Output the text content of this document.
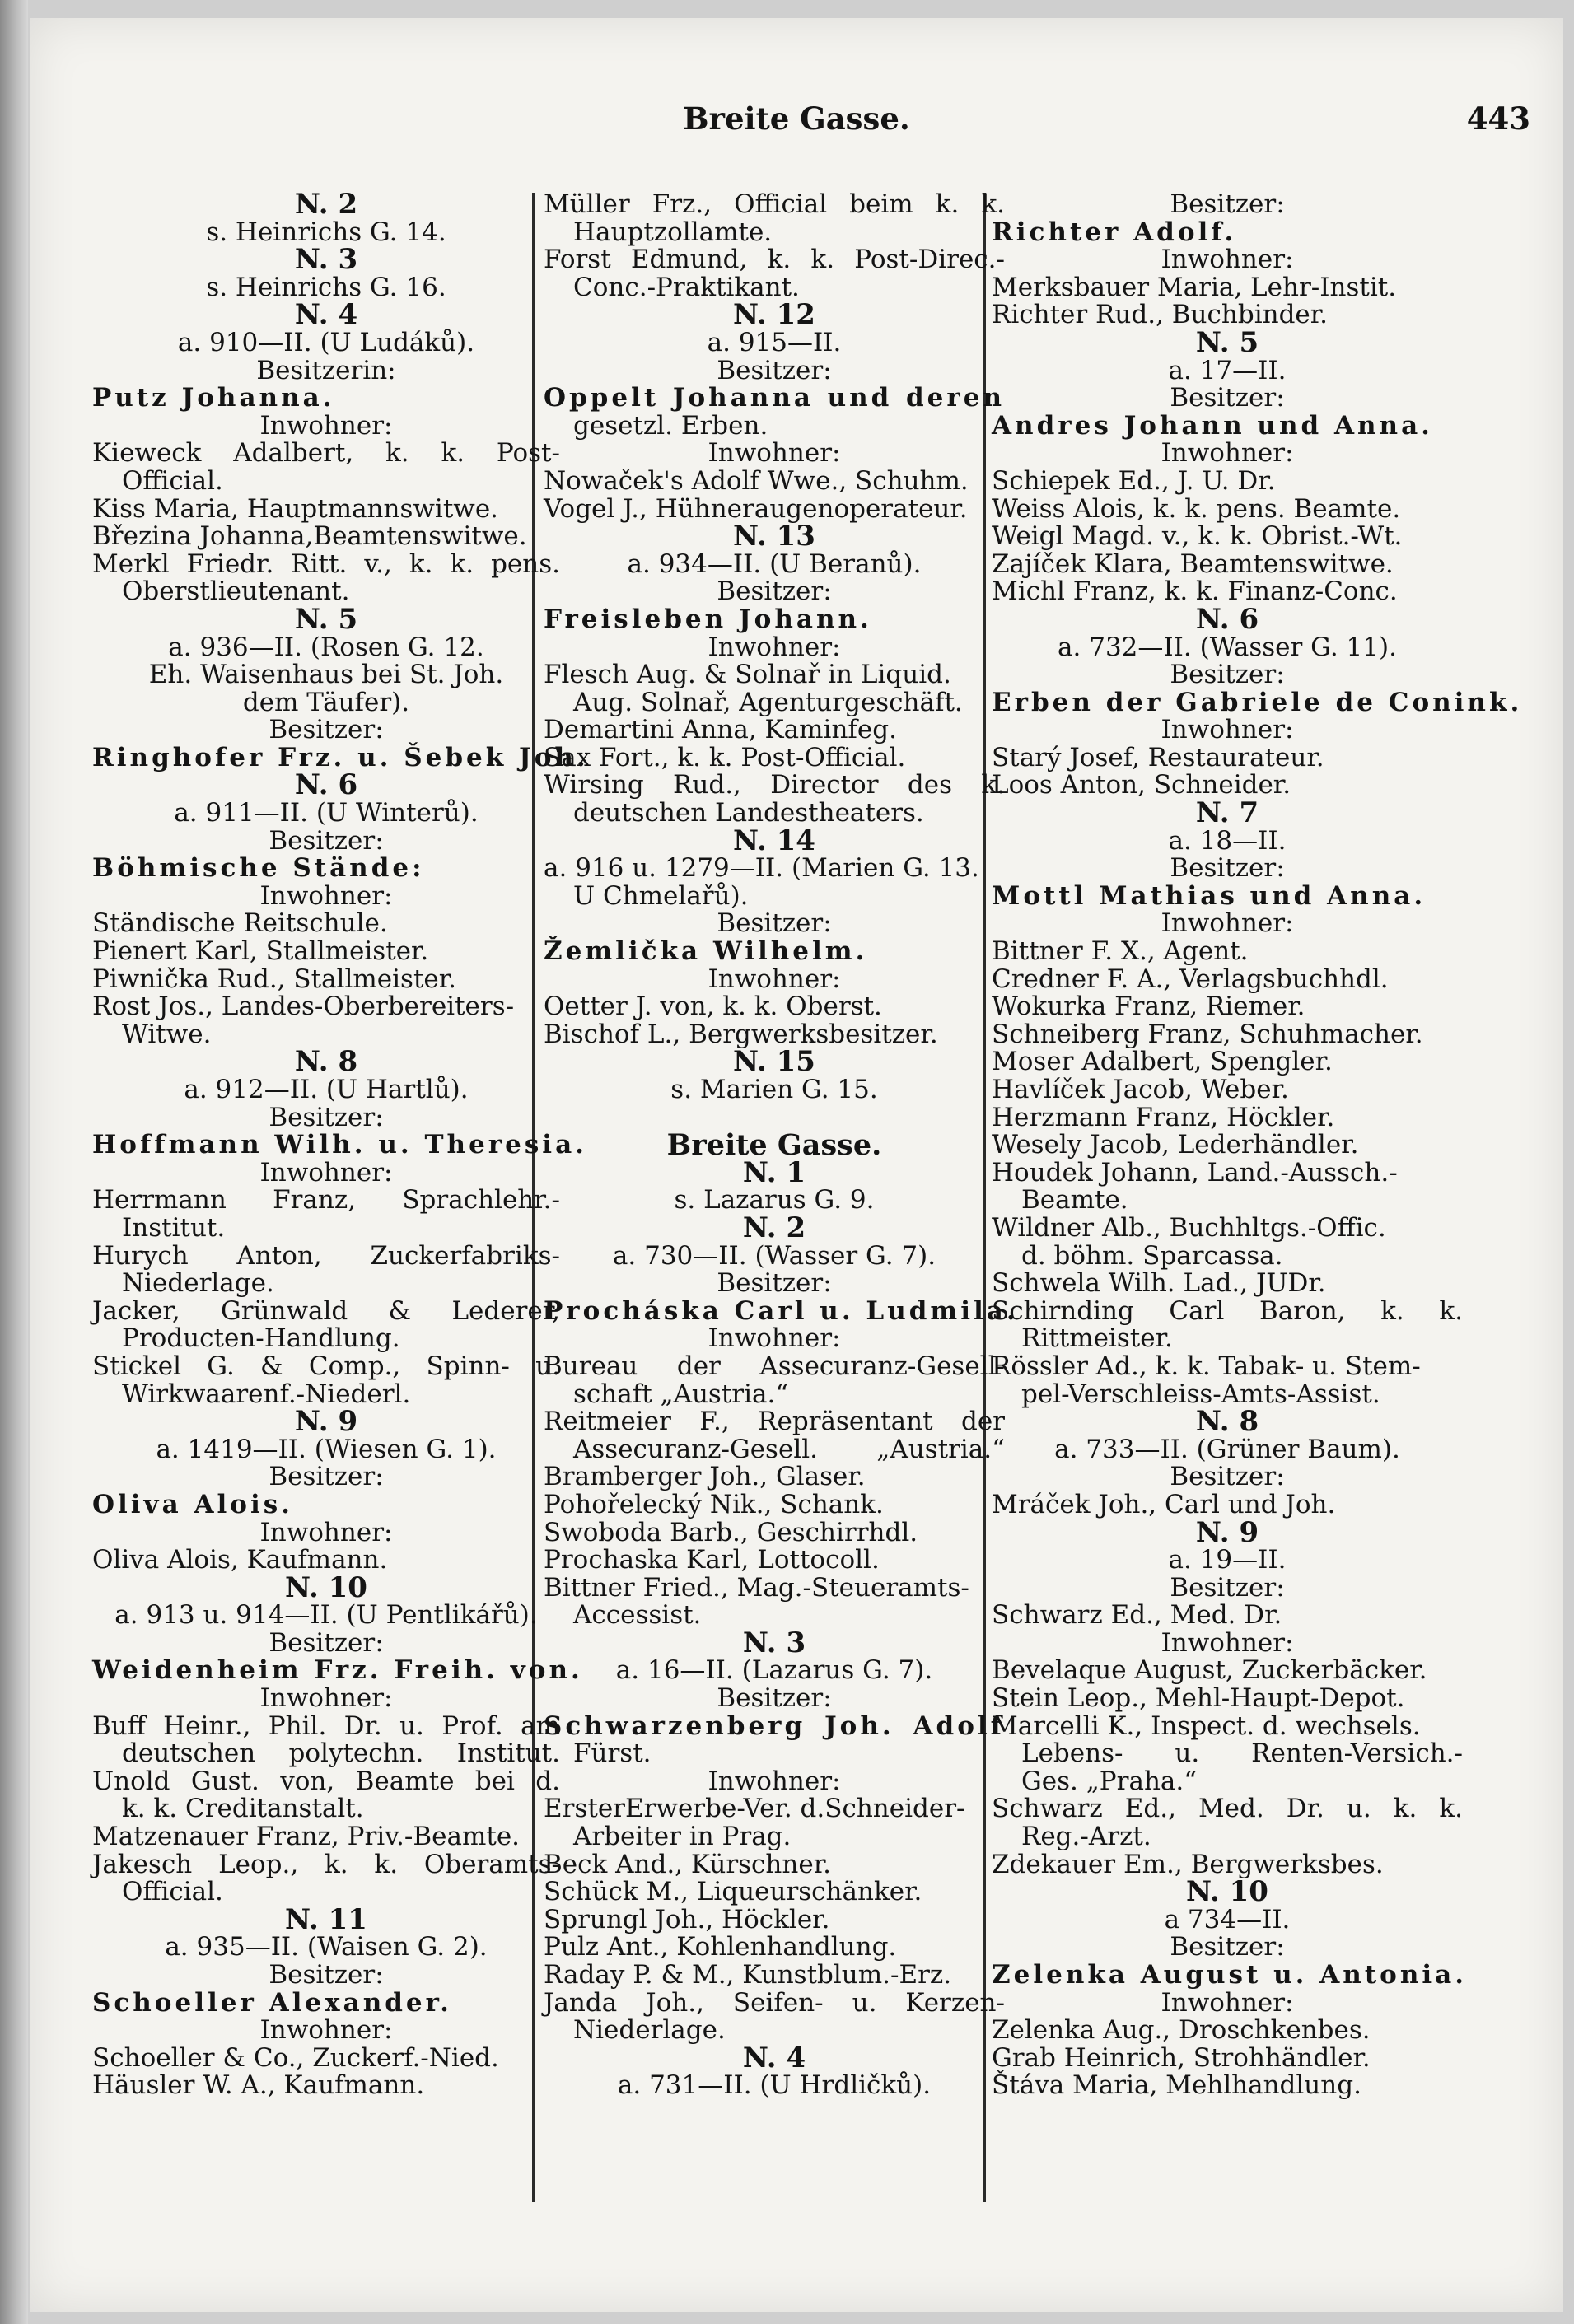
Breite Gasse.	443
N. 2
s. Heinrichs G. 14.
N. 3
s. Heinrichs G. 16.
N. 4
a. 910—II. (U Ludáků).
Besitzerin:
Putz Johanna.
Inwohner:
Kieweck Adalbert, k. k. Post-
Official.
Kiss Maria, Hauptmannswitwe.
Březina Johanna,Beamtenswitwe.
Merkl Friedr. Ritt. v., k. k. pens.
Oberstlieutenant.
N. 5
a. 936—II. (Rosen G. 12.
Eh. Waisenhaus bei St. Joh.
dem Täufer).
Besitzer:
Ringhofer Frz. u. Šebek Joh.
N. 6
a. 911—II. (U Winterů).
Besitzer:
Böhmische Stände:
Inwohner:
Ständische Reitschule.
Pienert Karl, Stallmeister.
Piwnička Rud., Stallmeister.
Rost Jos., Landes-Oberbereiters-
Witwe.
N. 8
a. 912—II. (U Hartlů).
Besitzer:
Hoffmann Wilh. u. Theresia.
Inwohner:
Herrmann Franz, Sprachlehr.-
Institut.
Hurych Anton, Zuckerfabriks-
Niederlage.
Jacker, Grünwald & Lederer,
Producten-Handlung.
Stickel G. & Comp., Spinn- u.
Wirkwaarenf.-Niederl.
N. 9
a. 1419—II. (Wiesen G. 1).
Besitzer:
Oliva Alois.
Inwohner:
Oliva Alois, Kaufmann.
N. 10
a. 913 u. 914—II. (U Pentlikářů).
Besitzer:
Weidenheim Frz. Freih. von.
Inwohner:
Buff Heinr., Phil. Dr. u. Prof. am
deutschen polytechn. Institut.
Unold Gust. von, Beamte bei d.
k. k. Creditanstalt.
Matzenauer Franz, Priv.-Beamte.
Jakesch Leop., k. k. Oberamts-
Official.
N. 11
a. 935—II. (Waisen G. 2).
Besitzer:
Schoeller Alexander.
Inwohner:
Schoeller & Co., Zuckerf.-Nied.
Häusler W. A., Kaufmann.
Müller Frz., Official beim k. k.
Hauptzollamte.
Forst Edmund, k. k. Post-Direc.-
Conc.-Praktikant.
N. 12
a. 915—II.
Besitzer:
Oppelt Johanna und deren
gesetzl. Erben.
Inwohner:
Nowaček's Adolf Wwe., Schuhm.
Vogel J., Hühneraugenoperateur.
N. 13
a. 934—II. (U Beranů).
Besitzer:
Freisleben Johann.
Inwohner:
Flesch Aug. & Solnař in Liquid.
Aug. Solnař, Agenturgeschäft.
Demartini Anna, Kaminfeg.
Sax Fort., k. k. Post-Official.
Wirsing Rud., Director des k.
deutschen Landestheaters.
N. 14
a. 916 u. 1279—II. (Marien G. 13.
U Chmelařů).
Besitzer:
Žemlička Wilhelm.
Inwohner:
Oetter J. von, k. k. Oberst.
Bischof L., Bergwerksbesitzer.
N. 15
s. Marien G. 15.

Breite Gasse.
N. 1
s. Lazarus G. 9.
N. 2
a. 730—II. (Wasser G. 7).
Besitzer:
Procháska Carl u. Ludmila.
Inwohner:
Bureau der Assecuranz-Gesell-
schaft „Austria.“
Reitmeier F., Repräsentant der
Assecuranz-Gesell. „Austria.“
Bramberger Joh., Glaser.
Pohořelecký Nik., Schank.
Swoboda Barb., Geschirrhdl.
Prochaska Karl, Lottocoll.
Bittner Fried., Mag.-Steueramts-
Accessist.
N. 3
a. 16—II. (Lazarus G. 7).
Besitzer:
Schwarzenberg Joh. Adolf
Fürst.
Inwohner:
ErsterErwerbe-Ver. d.Schneider-
Arbeiter in Prag.
Beck And., Kürschner.
Schück M., Liqueurschänker.
Sprungl Joh., Höckler.
Pulz Ant., Kohlenhandlung.
Raday P. & M., Kunstblum.-Erz.
Janda Joh., Seifen- u. Kerzen-
Niederlage.
N. 4
a. 731—II. (U Hrdličků).
Besitzer:
Richter Adolf.
Inwohner:
Merksbauer Maria, Lehr-Instit.
Richter Rud., Buchbinder.
N. 5
a. 17—II.
Besitzer:
Andres Johann und Anna.
Inwohner:
Schiepek Ed., J. U. Dr.
Weiss Alois, k. k. pens. Beamte.
Weigl Magd. v., k. k. Obrist.-Wt.
Zajíček Klara, Beamtenswitwe.
Michl Franz, k. k. Finanz-Conc.
N. 6
a. 732—II. (Wasser G. 11).
Besitzer:
Erben der Gabriele de Conink.
Inwohner:
Starý Josef, Restaurateur.
Loos Anton, Schneider.
N. 7
a. 18—II.
Besitzer:
Mottl Mathias und Anna.
Inwohner:
Bittner F. X., Agent.
Credner F. A., Verlagsbuchhdl.
Wokurka Franz, Riemer.
Schneiberg Franz, Schuhmacher.
Moser Adalbert, Spengler.
Havlíček Jacob, Weber.
Herzmann Franz, Höckler.
Wesely Jacob, Lederhändler.
Houdek Johann, Land.-Aussch.-
Beamte.
Wildner Alb., Buchhltgs.-Offic.
d. böhm. Sparcassa.
Schwela Wilh. Lad., JUDr.
Schirnding Carl Baron, k. k.
Rittmeister.
Rössler Ad., k. k. Tabak- u. Stem-
pel-Verschleiss-Amts-Assist.
N. 8
a. 733—II. (Grüner Baum).
Besitzer:
Mráček Joh., Carl und Joh.
N. 9
a. 19—II.
Besitzer:
Schwarz Ed., Med. Dr.
Inwohner:
Bevelaque August, Zuckerbäcker.
Stein Leop., Mehl-Haupt-Depot.
Marcelli K., Inspect. d. wechsels.
Lebens- u. Renten-Versich.-
Ges. „Praha.“
Schwarz Ed., Med. Dr. u. k. k.
Reg.-Arzt.
Zdekauer Em., Bergwerksbes.
N. 10
a 734—II.
Besitzer:
Zelenka August u. Antonia.
Inwohner:
Zelenka Aug., Droschkenbes.
Grab Heinrich, Strohhändler.
Štáva Maria, Mehlhandlung.
